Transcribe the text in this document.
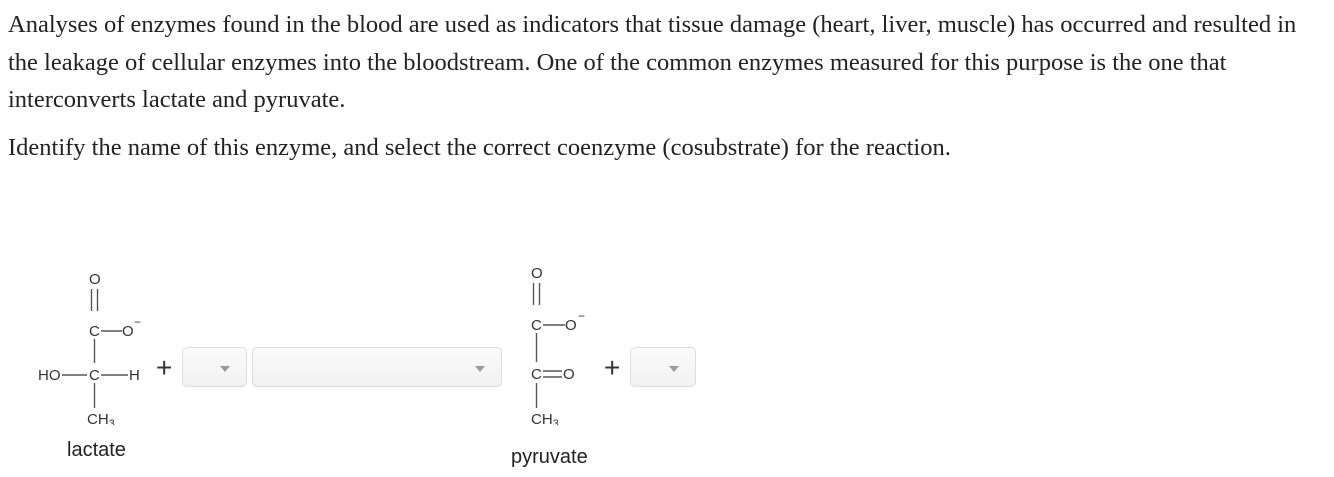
Analyses of enzymes found in the blood are used as indicators that tissue damage (heart, liver, muscle) has occurred and resulted in the leakage of cellular enzymes into the bloodstream. One of the common enzymes measured for this purpose is the one that interconverts lactate and pyruvate.

Identify the name of this enzyme, and select the correct coenzyme (cosubstrate) for the reaction.

O
C O
−
HO C H
$CH_3$
lactate
+
O
C O
−
C O
$CH_3$
pyruvate
+
